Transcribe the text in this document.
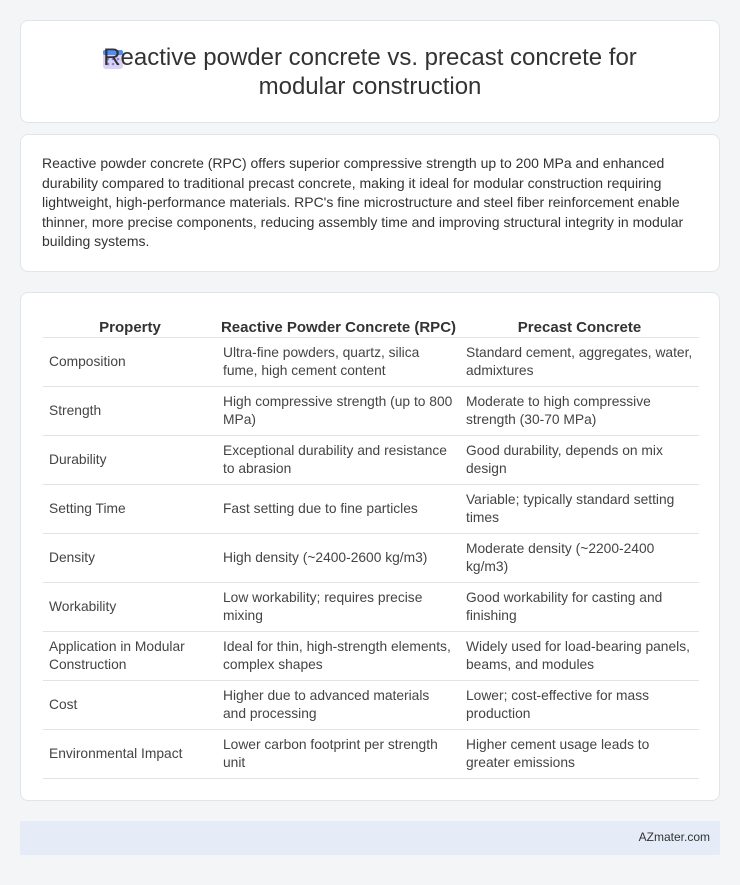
Reactive powder concrete vs. precast concrete for modular construction

Reactive powder concrete (RPC) offers superior compressive strength up to 200 MPa and enhanced durability compared to traditional precast concrete, making it ideal for modular construction requiring lightweight, high-performance materials. RPC's fine microstructure and steel fiber reinforcement enable thinner, more precise components, reducing assembly time and improving structural integrity in modular building systems.

Property	Reactive Powder Concrete (RPC)	Precast Concrete
Composition	Ultra-fine powders, quartz, silica fume, high cement content	Standard cement, aggregates, water, admixtures
Strength	High compressive strength (up to 800 MPa)	Moderate to high compressive strength (30-70 MPa)
Durability	Exceptional durability and resistance to abrasion	Good durability, depends on mix design
Setting Time	Fast setting due to fine particles	Variable; typically standard setting times
Density	High density (~2400-2600 kg/m3)	Moderate density (~2200-2400 kg/m3)
Workability	Low workability; requires precise mixing	Good workability for casting and finishing
Application in Modular Construction	Ideal for thin, high-strength elements, complex shapes	Widely used for load-bearing panels, beams, and modules
Cost	Higher due to advanced materials and processing	Lower; cost-effective for mass production
Environmental Impact	Lower carbon footprint per strength unit	Higher cement usage leads to greater emissions
AZmater.com
